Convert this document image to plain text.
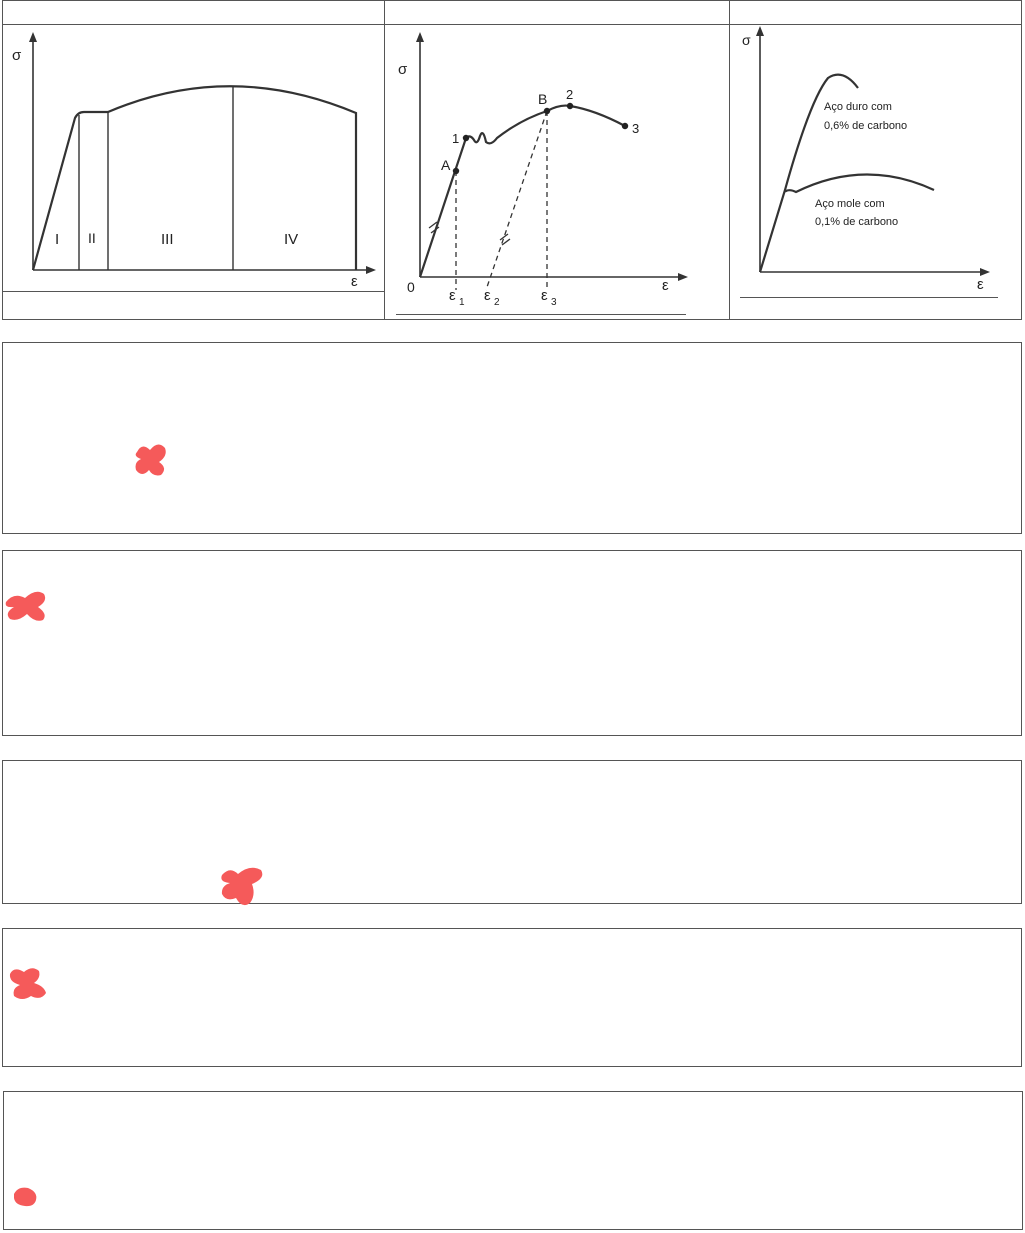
σ
ε
I II	III	IV
σ
ε
0
A
1
B 2
3
ε 1 ε 2	ε 3
σ
ε
Aço duro com
0,6% de carbono
Aço mole com
0,1% de carbono
